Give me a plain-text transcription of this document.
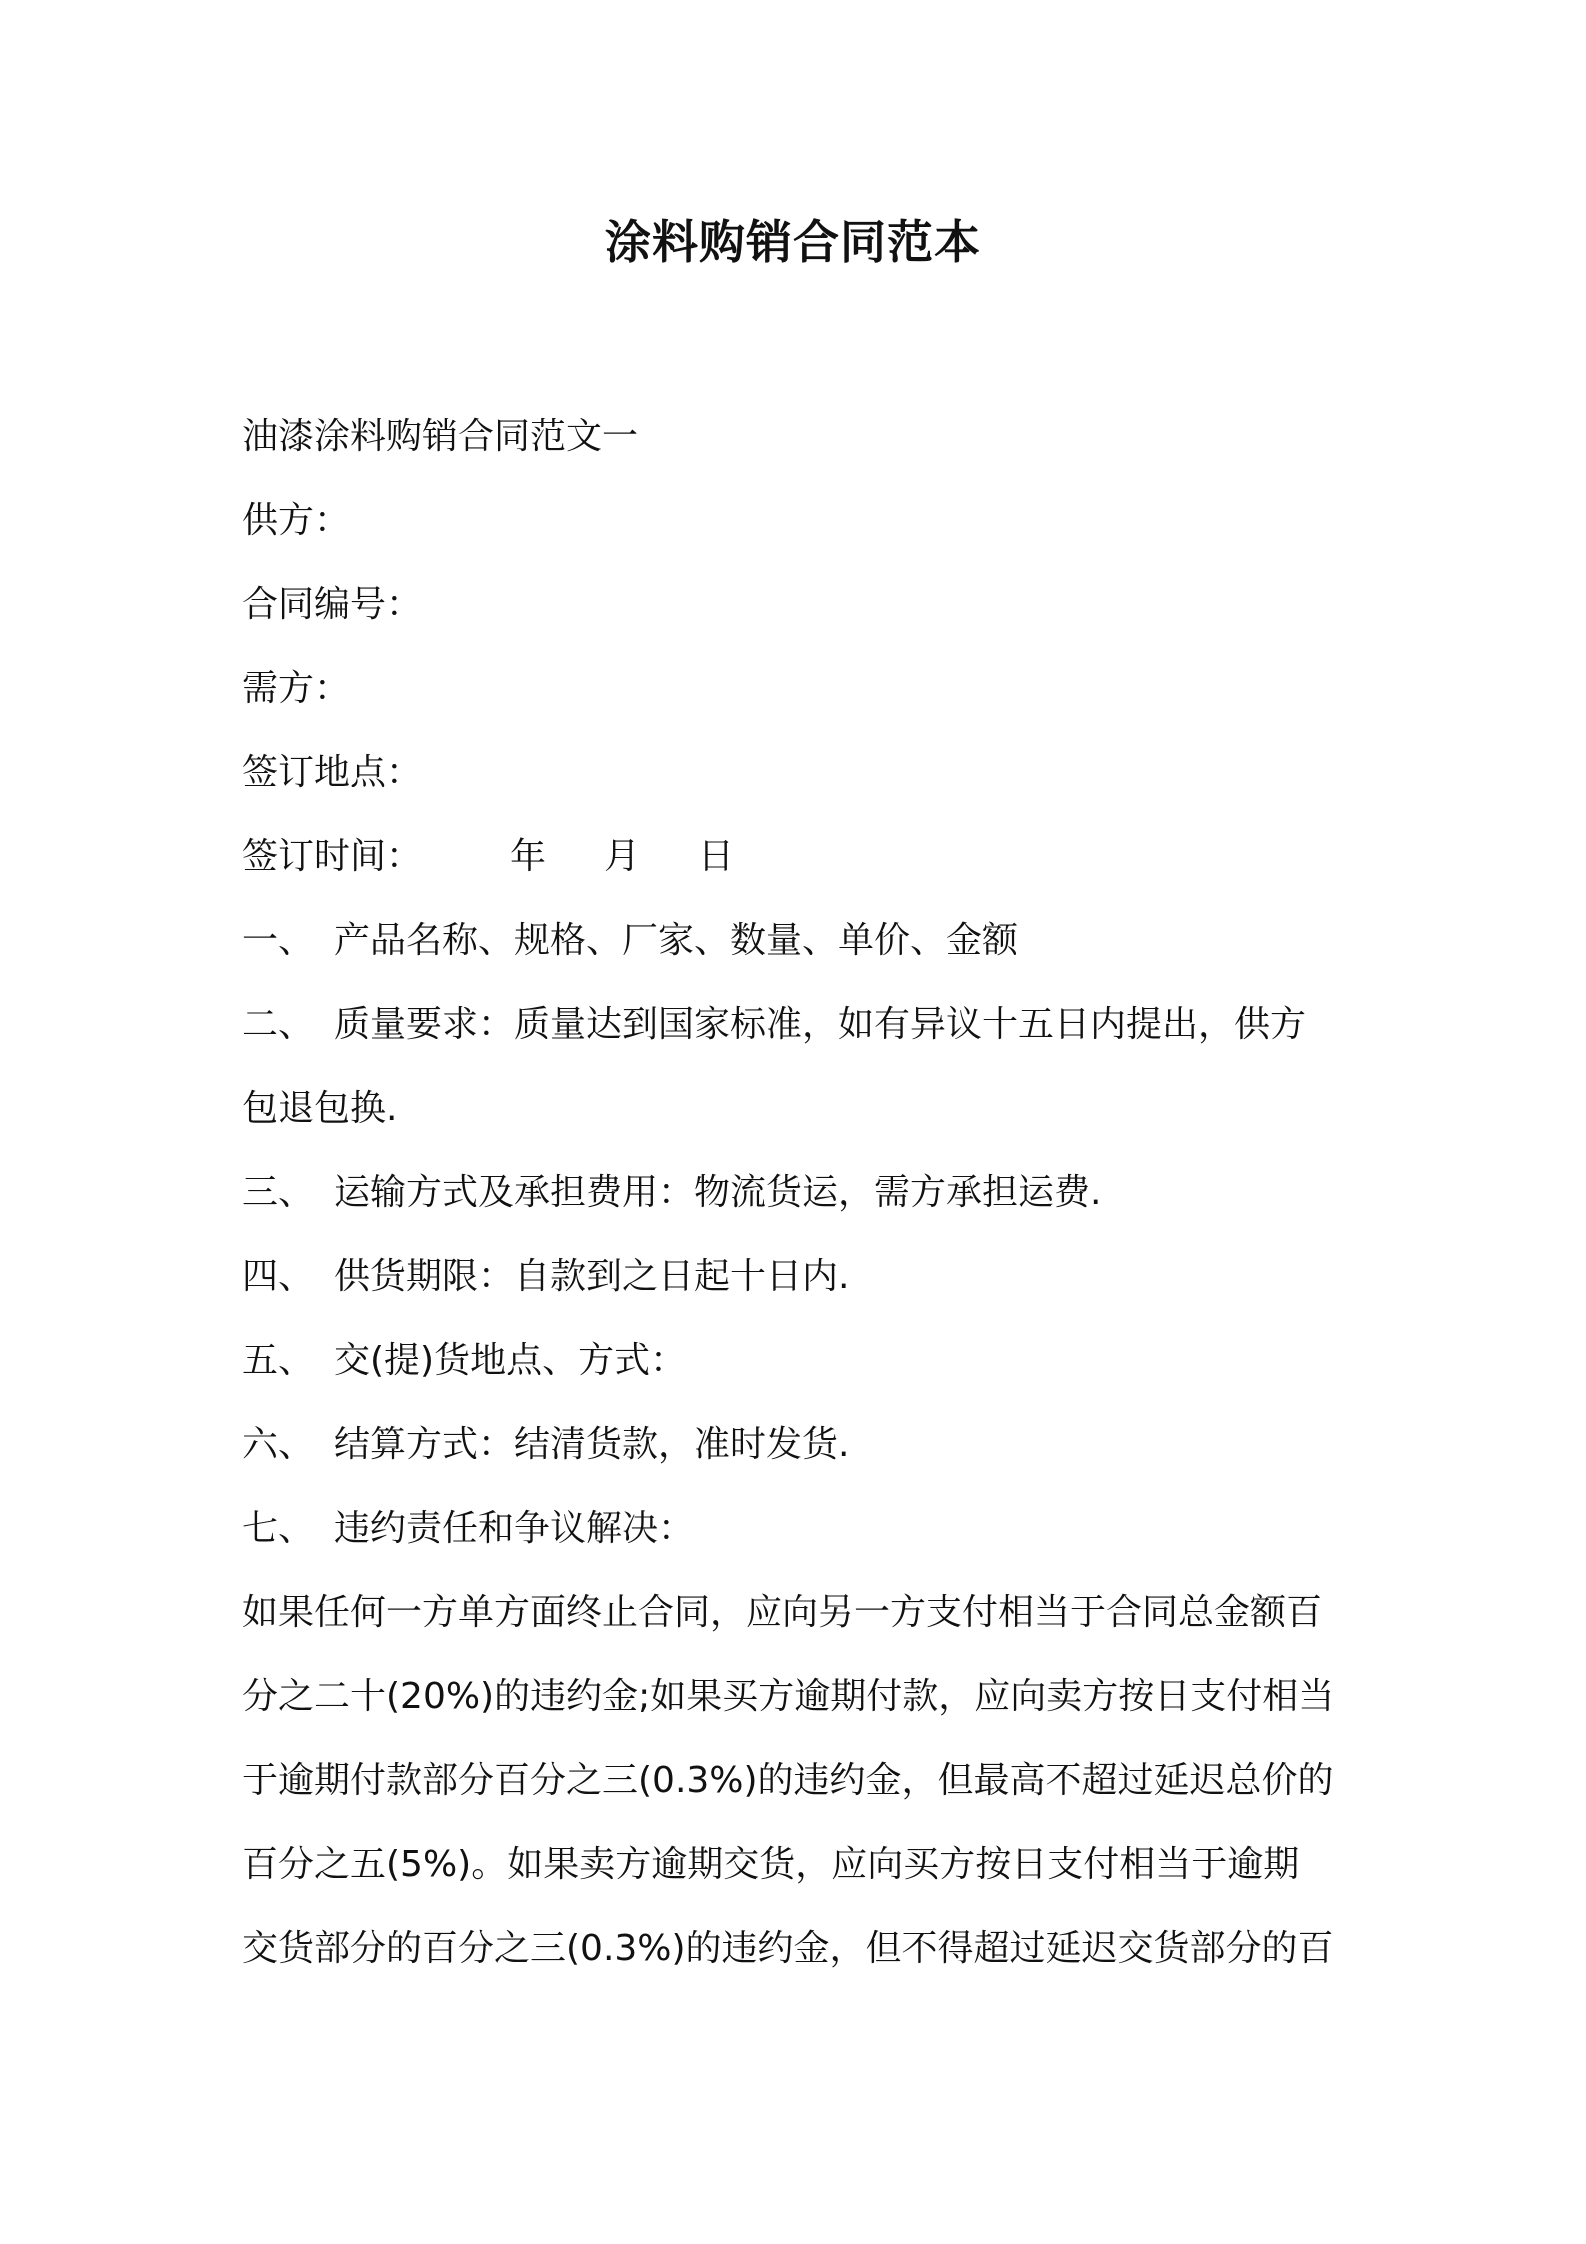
涂料购销合同范本
油漆涂料购销合同范文一
供方：
合同编号：
需方：
签订地点：
签订时间： 年 月 日
一、 产品名称、规格、厂家、数量、单价、金额
二、 质量要求：质量达到国家标准，如有异议十五日内提出，供方
包退包换.
三、 运输方式及承担费用：物流货运，需方承担运费.
四、 供货期限：自款到之日起十日内.
五、 交(提)货地点、方式：
六、 结算方式：结清货款，准时发货.
七、 违约责任和争议解决：
如果任何一方单方面终止合同，应向另一方支付相当于合同总金额百
分之二十(20%)的违约金;如果买方逾期付款，应向卖方按日支付相当
于逾期付款部分百分之三(0.3%)的违约金，但最高不超过延迟总价的
百分之五(5%)。如果卖方逾期交货，应向买方按日支付相当于逾期
交货部分的百分之三(0.3%)的违约金，但不得超过延迟交货部分的百
